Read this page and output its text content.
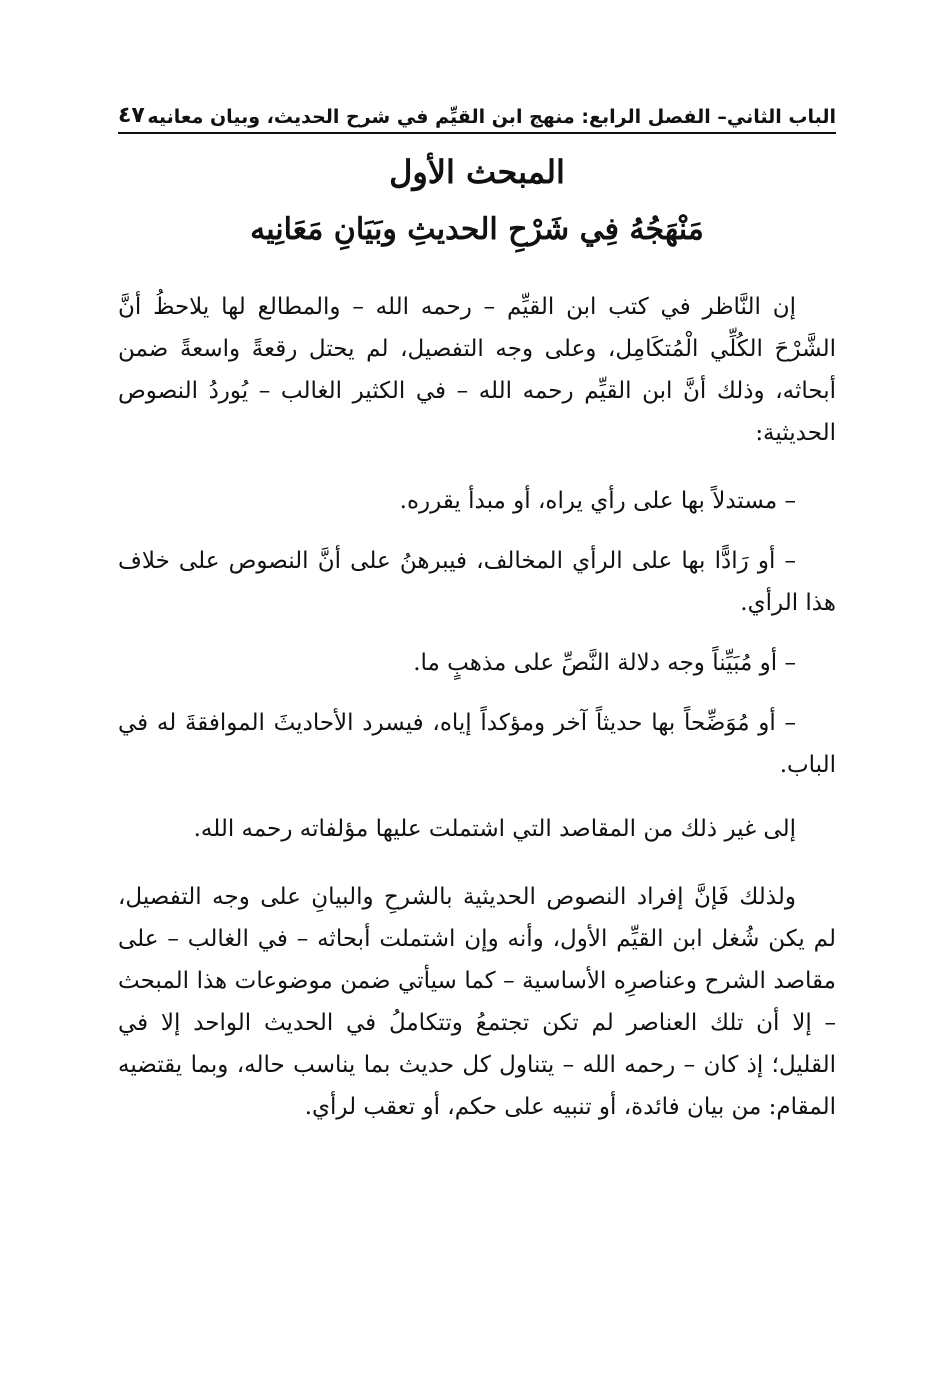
الباب الثاني– الفصل الرابع: منهج ابن القيِّم في شرح الحديث، وبيان معانيه
٤٧
المبحث الأول
مَنْهَجُهُ فِي شَرْحِ الحديثِ وبَيَانِ مَعَانِيه

إن النَّاظر في كتب ابن القيِّم – رحمه الله – والمطالع لها يلاحظُ أنَّ الشَّرْحَ الكُلِّي الْمُتكَامِل، وعلى وجه التفصيل، لم يحتل رقعةً واسعةً ضمن أبحاثه، وذلك أنَّ ابن القيِّم رحمه الله – في الكثير الغالب – يُوردُ النصوص الحديثية:

– مستدلاً بها على رأي يراه، أو مبدأ يقرره.

– أو رَادًّا بها على الرأي المخالف، فيبرهنُ على أنَّ النصوص على خلاف هذا الرأي.

– أو مُبَيِّناً وجه دلالة النَّصِّ على مذهبٍ ما.

– أو مُوَضِّحاً بها حديثاً آخر ومؤكداً إياه، فيسرد الأحاديثَ الموافقةَ له في الباب.

إلى غير ذلك من المقاصد التي اشتملت عليها مؤلفاته رحمه الله.

ولذلك فَإنَّ إفراد النصوص الحديثية بالشرحِ والبيانِ على وجه التفصيل، لم يكن شُغل ابن القيِّم الأول، وأنه وإن اشتملت أبحاثه – في الغالب – على مقاصد الشرح وعناصرِه الأساسية – كما سيأتي ضمن موضوعات هذا المبحث – إلا أن تلك العناصر لم تكن تجتمعُ وتتكاملُ في الحديث الواحد إلا في القليل؛ إذ كان – رحمه الله – يتناول كل حديث بما يناسب حاله، وبما يقتضيه المقام: من بيان فائدة، أو تنبيه على حكم، أو تعقب لرأي.
